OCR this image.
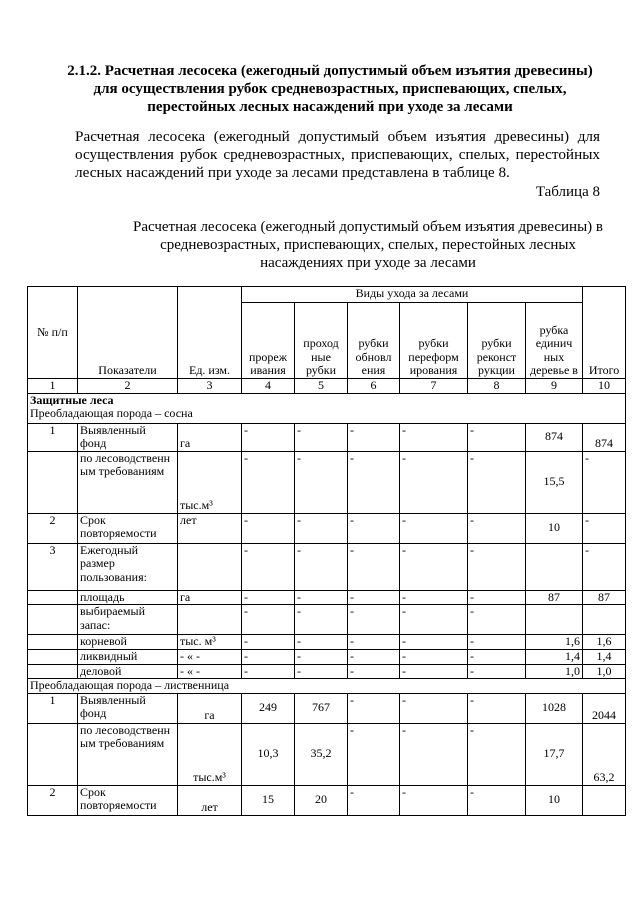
2.1.2. Расчетная лесосека (ежегодный допустимый объем изъятия древесины) для осуществления рубок средневозрастных, приспевающих, спелых, перестойных лесных насаждений при уходе за лесами
Расчетная лесосека (ежегодный допустимый объем изъятия древесины) для осуществления рубок средневозрастных, приспевающих, спелых, перестойных лесных насаждений при уходе за лесами представлена в таблице 8.
Таблица 8
Расчетная лесосека (ежегодный допустимый объем изъятия древесины) в средневозрастных, приспевающих, спелых, перестойных лесных насаждениях при уходе за лесами
№ п/п	Показатели	Ед. изм.	Виды ухода за лесами						Итого
			прореж ивания	проход ные рубки	рубки обновл ения	рубки переформ ирования	рубки реконст рукции	рубка единич ных деревье в	
1	2	3	4	5	6	7	8	9	10
Защитные леса
Преобладающая порода – сосна									
1	Выявленный фонд	га	-	-	-	-	-	874	874
	по лесоводственн ым требованиям	тыс.м³	-	-	-	-	-	15,5	-
2	Срок повторяемости	лет	-	-	-	-	-	10	-
3	Ежегодный размер пользования:		-	-	-	-	-		-
	площадь	га	-	-	-	-	-	87	87
	выбираемый запас:		-	-	-	-	-		
	корневой	тыс. м³	-	-	-	-	-	1,6	1,6
	ликвидный	- « -	-	-	-	-	-	1,4	1,4
	деловой	- « -	-	-	-	-	-	1,0	1,0
Преобладающая порода – лиственница									
1	Выявленный фонд	га	249	767	-	-	-	1028	2044
	по лесоводственн ым требованиям	тыс.м³	10,3	35,2	-	-	-	17,7	63,2
2	Срок повторяемости	лет	15	20	-	-	-	10	
